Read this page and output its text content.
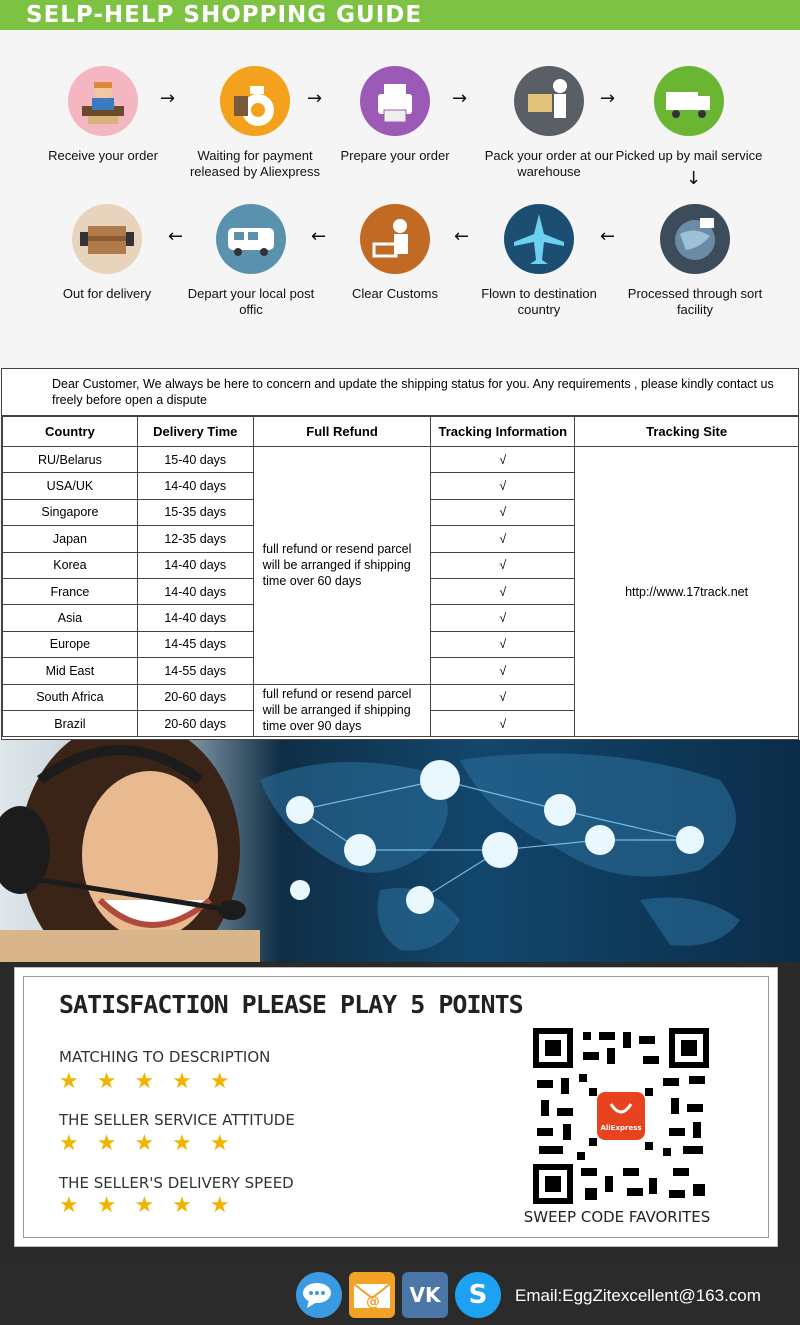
SELP-HELP SHOPPING GUIDE
Receive your order
→
Waiting for payment released by Aliexpress
→
Prepare your order
→
Pack your order at our warehouse
→
Picked up by mail service
↓
Out for delivery
←
Depart your local post offic
←
Clear Customs
←
Flown to destination country
←
Processed through sort facility
Dear Customer, We always be here to concern and update the shipping status for you. Any requirements , please kindly contact us freely before open a dispute
Country	Delivery Time	Full Refund	Tracking Information	Tracking Site
RU/Belarus	15-40 days	full refund or resend parcel will be arranged if shipping time over 60 days	√	http://www.17track.net
USA/UK	14-40 days		√	
Singapore	15-35 days		√	
Japan	12-35 days		√	
Korea	14-40 days		√	
France	14-40 days		√	
Asia	14-40 days		√	
Europe	14-45 days		√	
Mid East	14-55 days		√	
South Africa	20-60 days	full refund or resend parcel will be arranged if shipping time over 90 days	√	
Brazil	20-60 days		√	
SATISFACTION PLEASE PLAY 5 POINTS
MATCHING TO DESCRIPTION
★★★★★
THE SELLER SERVICE ATTITUDE
★★★★★
THE SELLER'S DELIVERY SPEED
★★★★★
AliExpress
SWEEP CODE FAVORITES
@	VK	S	Email:EggZitexcellent@163.com
